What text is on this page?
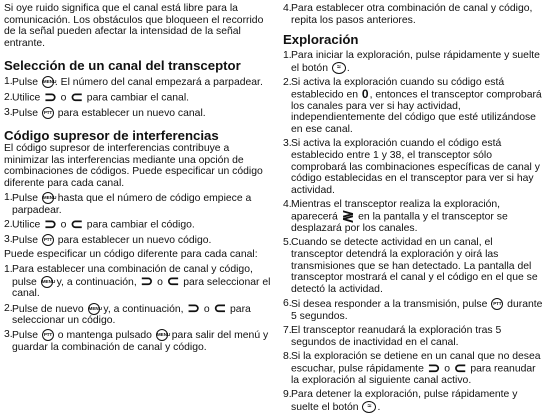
Si oye ruido significa que el canal está libre para la comunicación. Los obstáculos que bloqueen el recorrido de la señal pueden afectar la intensidad de la señal entrante.

Selección de un canal del transceptor
1. Pulse MENU. El número del canal empezará a parpadear.
2. Utilice ⊃ o ⊂ para cambiar el canal.
3. Pulse PTT para establecer un nuevo canal.
Código supresor de interferencias

El código supresor de interferencias contribuye a minimizar las interferencias mediante una opción de combinaciones de códigos. Puede especificar un código diferente para cada canal.

1. Pulse MENU hasta que el número de código empiece a parpadear.
2. Utilice ⊃ o ⊂ para cambiar el código.
3. Pulse PTT para establecer un nuevo código.

Puede especificar un código diferente para cada canal:

1. Para establecer una combinación de canal y código, pulse MENU y, a continuación, ⊃ o ⊂ para seleccionar el canal.
2. Pulse de nuevo MENU y, a continuación, ⊃ o ⊂ para seleccionar un código.
3. Pulse PTT o mantenga pulsado MENU para salir del menú y guardar la combinación de canal y código.
4. Para establecer otra combinación de canal y código, repita los pasos anteriores.
Exploración
1. Para iniciar la exploración, pulse rápidamente y suelte el botón ≈ .
2. Si activa la exploración cuando su código está establecido en 0, entonces el transceptor comprobará los canales para ver si hay actividad, independientemente del código que esté utilizándose en ese canal.
3. Si activa la exploración cuando el código está establecido entre 1 y 38, el transceptor sólo comprobará las combinaciones específicas de canal y código establecidas en el transceptor para ver si hay actividad.
4. Mientras el transceptor realiza la exploración, aparecerá ≷ en la pantalla y el transceptor se desplazará por los canales.
5. Cuando se detecte actividad en un canal, el transceptor detendrá la exploración y oirá las transmisiones que se han detectado. La pantalla del transceptor mostrará el canal y el código en el que se detectó la actividad.
6. Si desea responder a la transmisión, pulse PTT durante 5 segundos.
7. El transceptor reanudará la exploración tras 5 segundos de inactividad en el canal.
8. Si la exploración se detiene en un canal que no desea escuchar, pulse rápidamente ⊃ o ⊂ para reanudar la exploración al siguiente canal activo.
9. Para detener la exploración, pulse rápidamente y suelte el botón ≈ .
